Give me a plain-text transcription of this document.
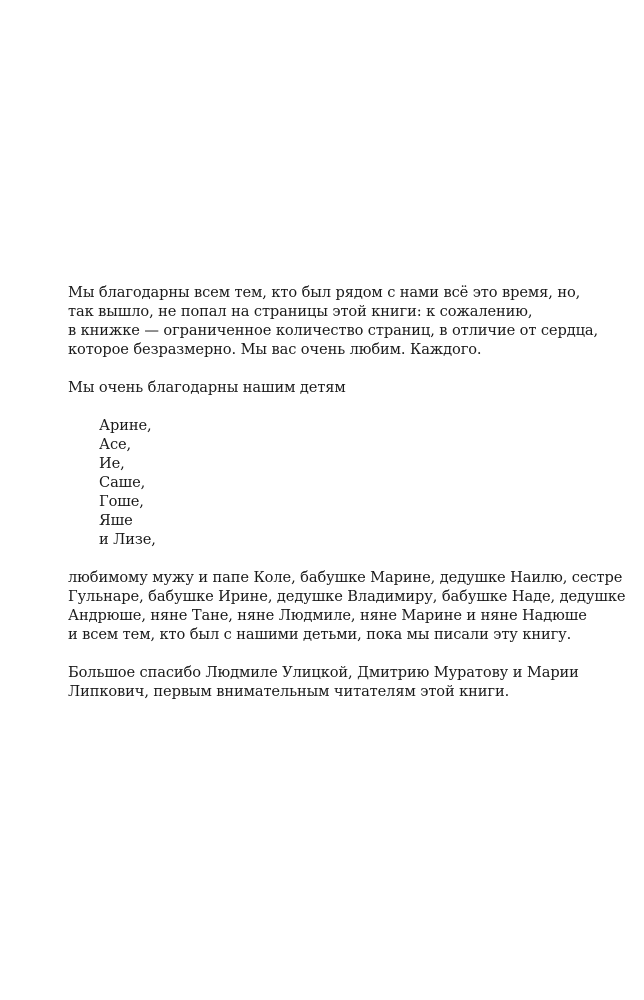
Мы благодарны всем тем, кто был рядом с нами всё это время, но,
так вышло, не попал на страницы этой книги: к сожалению,
в книжке — ограниченное количество страниц, в отличие от сердца,
которое безразмерно. Мы вас очень любим. Каждого.
Мы очень благодарны нашим детям
Арине,
Асе,
Ие,
Саше,
Гоше,
Яше
и Лизе,
любимому мужу и папе Коле, бабушке Марине, дедушке Наилю, сестре
Гульнаре, бабушке Ирине, дедушке Владимиру, бабушке Наде, дедушке
Андрюше, няне Тане, няне Людмиле, няне Марине и няне Надюше
и всем тем, кто был с нашими детьми, пока мы писали эту книгу.
Большое спасибо Людмиле Улицкой, Дмитрию Муратову и Марии
Липкович, первым внимательным читателям этой книги.
